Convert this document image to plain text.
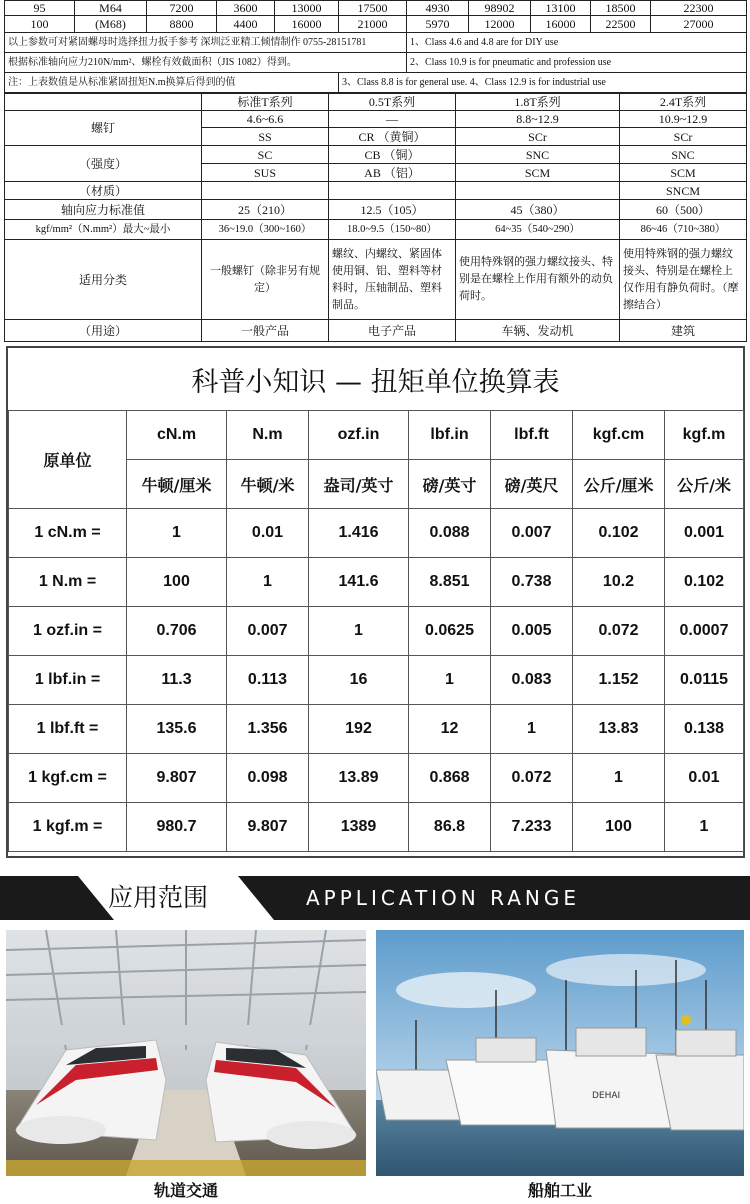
95	M64	7200	3600	13000	17500	4930	98902	13100	18500	22300
100	(M68)	8800	4400	16000	21000	5970	12000	16000	22500	27000
以上参数可对紧固螺母时选择扭力扳手参考 深圳泛亚精工倾情制作 0755-28151781						1、Class 4.6 and 4.8 are for DIY use				
根据标准轴向应力210N/mm²、螺栓有效截面积（JIS 1082）得到。						2、Class 10.9 is for pneumatic and profession use				
注：上表数值是从标准紧固扭矩N.m换算后得到的值					3、Class 8.8 is for general use. 4、Class 12.9 is for industrial use					
	标准T系列	0.5T系列	1.8T系列	2.4T系列
螺钉	4.6~6.6	—	8.8~12.9	10.9~12.9
	SS	CR （黄铜）	SCr	SCr
（强度）	SC	CB （铜）	SNC	SNC
	SUS	AB （铝）	SCM	SCM
（材质）				SNCM
轴向应力标准值	25（210）	12.5（105）	45（380）	60（500）
kgf/mm²（N.mm²）最大~最小	36~19.0（300~160）	18.0~9.5（150~80）	64~35（540~290）	86~46（710~380）
适用分类	一般螺钉（除非另有规定）	螺纹、内螺纹、紧固体使用铜、铝、塑料等材料时，压轴制品、塑料制品。	使用特殊钢的强力螺纹接头、特别是在螺栓上作用有额外的动负荷时。	使用特殊钢的强力螺纹接头、特别是在螺栓上仅作用有静负荷时。（摩擦结合）
（用途）	一般产品	电子产品	车辆、发动机	建筑
科普小知识 — 扭矩单位换算表
原单位	cN.m	N.m	ozf.in	lbf.in	lbf.ft	kgf.cm	kgf.m
	牛顿/厘米	牛顿/米	盎司/英寸	磅/英寸	磅/英尺	公斤/厘米	公斤/米
1 cN.m =	1	0.01	1.416	0.088	0.007	0.102	0.001
1 N.m =	100	1	141.6	8.851	0.738	10.2	0.102
1 ozf.in =	0.706	0.007	1	0.0625	0.005	0.072	0.0007
1 lbf.in =	11.3	0.113	16	1	0.083	1.152	0.0115
1 lbf.ft =	135.6	1.356	192	12	1	13.83	0.138
1 kgf.cm =	9.807	0.098	13.89	0.868	0.072	1	0.01
1 kgf.m =	980.7	9.807	1389	86.8	7.233	100	1
应用范围	APPLICATION RANGE
DEHAI
轨道交通	船舶工业
